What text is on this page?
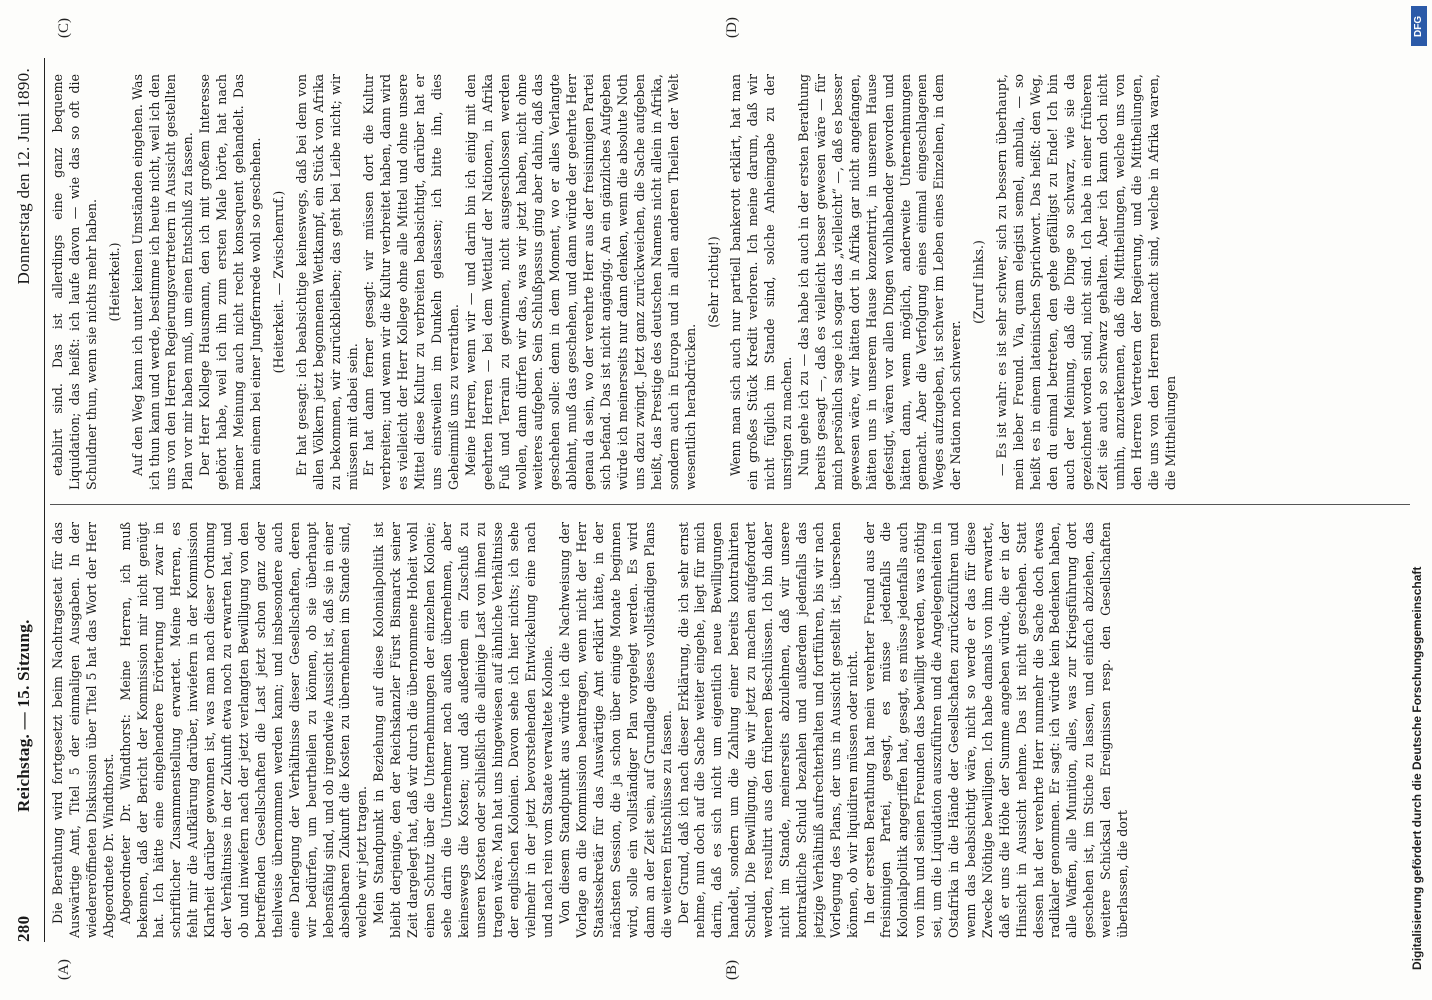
280
Reichstag. — 15. Sitzung.
Donnerstag den 12. Juni 1890.
(A)	(B)
(C)	(D)

Die Berathung wird fortgesetzt beim Nachtragsetat für das Auswärtige Amt, Titel 5 der einmaligen Ausgaben. In der wiedereröffneten Diskussion über Titel 5 hat das Wort der Herr Abgeordnete Dr. Windthorst. Abgeordneter Dr. Windthorst: Meine Herren, ich muß bekennen, daß der Bericht der Kommission mir nicht genügt hat. Ich hätte eine eingehendere Erörterung und zwar in schriftlicher Zusammenstellung erwartet. Meine Herren, es fehlt mir die Aufklärung darüber, inwiefern in der Kommission Klarheit darüber gewonnen ist, was man nach dieser Ordnung der Verhältnisse in der Zukunft etwa noch zu erwarten hat, und ob und inwiefern nach der jetzt verlangten Bewilligung von den betreffenden Gesellschaften die Last jetzt schon ganz oder theilweise übernommen werden kann; und insbesondere auch eine Darlegung der Verhältnisse dieser Gesellschaften, deren wir bedürfen, um beurtheilen zu können, ob sie überhaupt lebensfähig sind, und ob irgendwie Aussicht ist, daß sie in einer absehbaren Zukunft die Kosten zu übernehmen im Stande sind, welche wir jetzt tragen. Mein Standpunkt in Beziehung auf diese Kolonialpolitik ist bleibt derjenige, den der Reichskanzler Fürst Bismarck seiner Zeit dargelegt hat, daß wir durch die übernommene Hoheit wohl einen Schutz über die Unternehmungen der einzelnen Kolonie; sehe darin die Unternehmer nach außen übernehmen, aber keineswegs die Kosten; und daß außerdem ein Zuschuß zu unseren Kosten oder schließlich die alleinige Last von ihnen zu tragen wäre. Man hat uns hingewiesen auf ähnliche Verhältnisse der englischen Kolonien. Davon sehe ich hier nichts; ich sehe vielmehr in der jetzt bevorstehenden Entwickelung eine nach und nach rein vom Staate verwaltete Kolonie. Von diesem Standpunkt aus würde ich die Nachweisung der Vorlage an die Kommission beantragen, wenn nicht der Herr Staatssekretär für das Auswärtige Amt erklärt hätte, in der nächsten Session, die ja schon über einige Monate beginnen wird, solle ein vollständiger Plan vorgelegt werden. Es wird dann an der Zeit sein, auf Grundlage dieses vollständigen Plans die weiteren Entschlüsse zu fassen. Der Grund, daß ich nach dieser Erklärung, die ich sehr ernst nehme, nun doch auf die Sache weiter eingehe, liegt für mich darin, daß es sich nicht um eigentlich neue Bewilligungen handelt, sondern um die Zahlung einer bereits kontrahirten Schuld. Die Bewilligung, die wir jetzt zu machen aufgefordert werden, resultirt aus den früheren Beschlüssen. Ich bin daher nicht im Stande, meinerseits abzulehnen, daß wir unsere kontraktliche Schuld bezahlen und außerdem jedenfalls das jetzige Verhältniß aufrechterhalten und fortführen, bis wir nach Vorlegung des Plans, der uns in Aussicht gestellt ist, übersehen können, ob wir liquidiren müssen oder nicht. In der ersten Berathung hat mein verehrter Freund aus der freisinnigen Partei, gesagt, es müsse jedenfalls die Kolonialpolitik angegriffen hat, gesagt, es müsse jedenfalls auch von ihm und seinen Freunden das bewilligt werden, was nöthig sei, um die Liquidation auszuführen und die Angelegenheiten in Ostafrika in die Hände der Gesellschaften zurückzuführen und wenn das beabsichtigt wäre, nicht so werde er das für diese Zwecke Nöthige bewilligen. Ich habe damals von ihm erwartet, daß er uns die Höhe der Summe angeben würde, die er in der Hinsicht in Aussicht nehme. Das ist nicht geschehen. Statt dessen hat der verehrte Herr nunmehr die Sache doch etwas radikaler genommen. Er sagt: ich würde kein Bedenken haben, alle Waffen, alle Munition, alles, was zur Kriegsführung dort geschehen ist, im Stiche zu lassen, und einfach abziehen, das weitere Schicksal den Ereignissen resp. den Gesellschaften überlassen, die dort

etablirt sind. Das ist allerdings eine ganz bequeme Liquidation; das heißt: ich laufe davon — wie das so oft die Schuldner thun, wenn sie nichts mehr haben. (Heiterkeit.) Auf den Weg kann ich unter keinen Umständen eingehen. Was ich thun kann und werde, bestimme ich heute nicht, weil ich den uns von den Herren Regierungsvertretern in Aussicht gestellten Plan vor mir haben muß, um einen Entschluß zu fassen. Der Herr Kollege Hausmann, den ich mit großem Interesse gehört habe, weil ich ihn zum ersten Male hörte, hat nach meiner Meinung auch nicht recht konsequent gehandelt. Das kann einem bei einer Jungfernrede wohl so geschehen. (Heiterkeit. — Zwischenruf.) Er hat gesagt: ich beabsichtige keineswegs, daß bei dem von allen Völkern jetzt begonnenen Wettkampf, ein Stück von Afrika zu bekommen, wir zurückbleiben; das geht bei Leibe nicht; wir müssen mit dabei sein. Er hat dann ferner gesagt: wir müssen dort die Kultur verbreiten; und wenn wir die Kultur verbreitet haben, dann wird es vielleicht der Herr Kollege ohne alle Mittel und ohne unsere Mittel diese Kultur zu verbreiten beabsichtigt, darüber hat er uns einstweilen im Dunkeln gelassen; ich bitte ihn, dies Geheimniß uns zu verrathen. Meine Herren, wenn wir — und darin bin ich einig mit den geehrten Herren — bei dem Wettlauf der Nationen, in Afrika Fuß und Terrain zu gewinnen, nicht ausgeschlossen werden wollen, dann dürfen wir das, was wir jetzt haben, nicht ohne weiteres aufgeben. Sein Schlußpassus ging aber dahin, daß das geschehen solle: denn in dem Moment, wo er alles Verlangte ablehnt, muß das geschehen, und dann würde der geehrte Herr genau da sein, wo der verehrte Herr aus der freisinnigen Partei sich befand. Das ist nicht angängig. An ein gänzliches Aufgeben würde ich meinerseits nur dann denken, wenn die absolute Noth uns dazu zwingt. Jetzt ganz zurückweichen, die Sache aufgeben heißt, das Prestige des deutschen Namens nicht allein in Afrika, sondern auch in Europa und in allen anderen Theilen der Welt wesentlich herabdrücken.

(Sehr richtig!) Wenn man sich auch nur partiell bankerott erklärt, hat man ein großes Stück Kredit verloren. Ich meine darum, daß wir nicht füglich im Stande sind, solche Anheimgabe zu der unsrigen zu machen. Nun gehe ich zu — das habe ich auch in der ersten Berathung bereits gesagt —, daß es vielleicht besser gewesen wäre — für mich persönlich sage ich sogar das „vielleicht“ —, daß es besser gewesen wäre, wir hätten dort in Afrika gar nicht angefangen, hätten uns in unserem Hause konzentrirt, in unserem Hause gefestigt, wären vor allen Dingen wohlhabender geworden und hätten dann, wenn möglich, anderweite Unternehmungen gemacht. Aber die Verfolgung eines einmal eingeschlagenen Weges aufzugeben, ist schwer im Leben eines Einzelnen, in dem der Nation noch schwerer.

(Zuruf links.) — Es ist wahr: es ist sehr schwer, sich zu bessern überhaupt, mein lieber Freund. Via, quam elegisti semel, ambula, — so heißt es in einem lateinischen Sprichwort. Das heißt: den Weg, den du einmal betreten, den gehe gefälligst zu Ende! Ich bin auch der Meinung, daß die Dinge so schwarz, wie sie da gezeichnet worden sind, nicht sind. Ich habe in einer früheren Zeit sie auch so schwarz gehalten. Aber ich kann doch nicht umhin, anzuerkennen, daß die Mittheilungen, welche uns von den Herren Vertretern der Regierung, und die Mittheilungen, die uns von den Herren gemacht sind, welche in Afrika waren, die Mittheilungen

Digitalisierung gefördert durch die Deutsche Forschungsgemeinschaft
DFG
